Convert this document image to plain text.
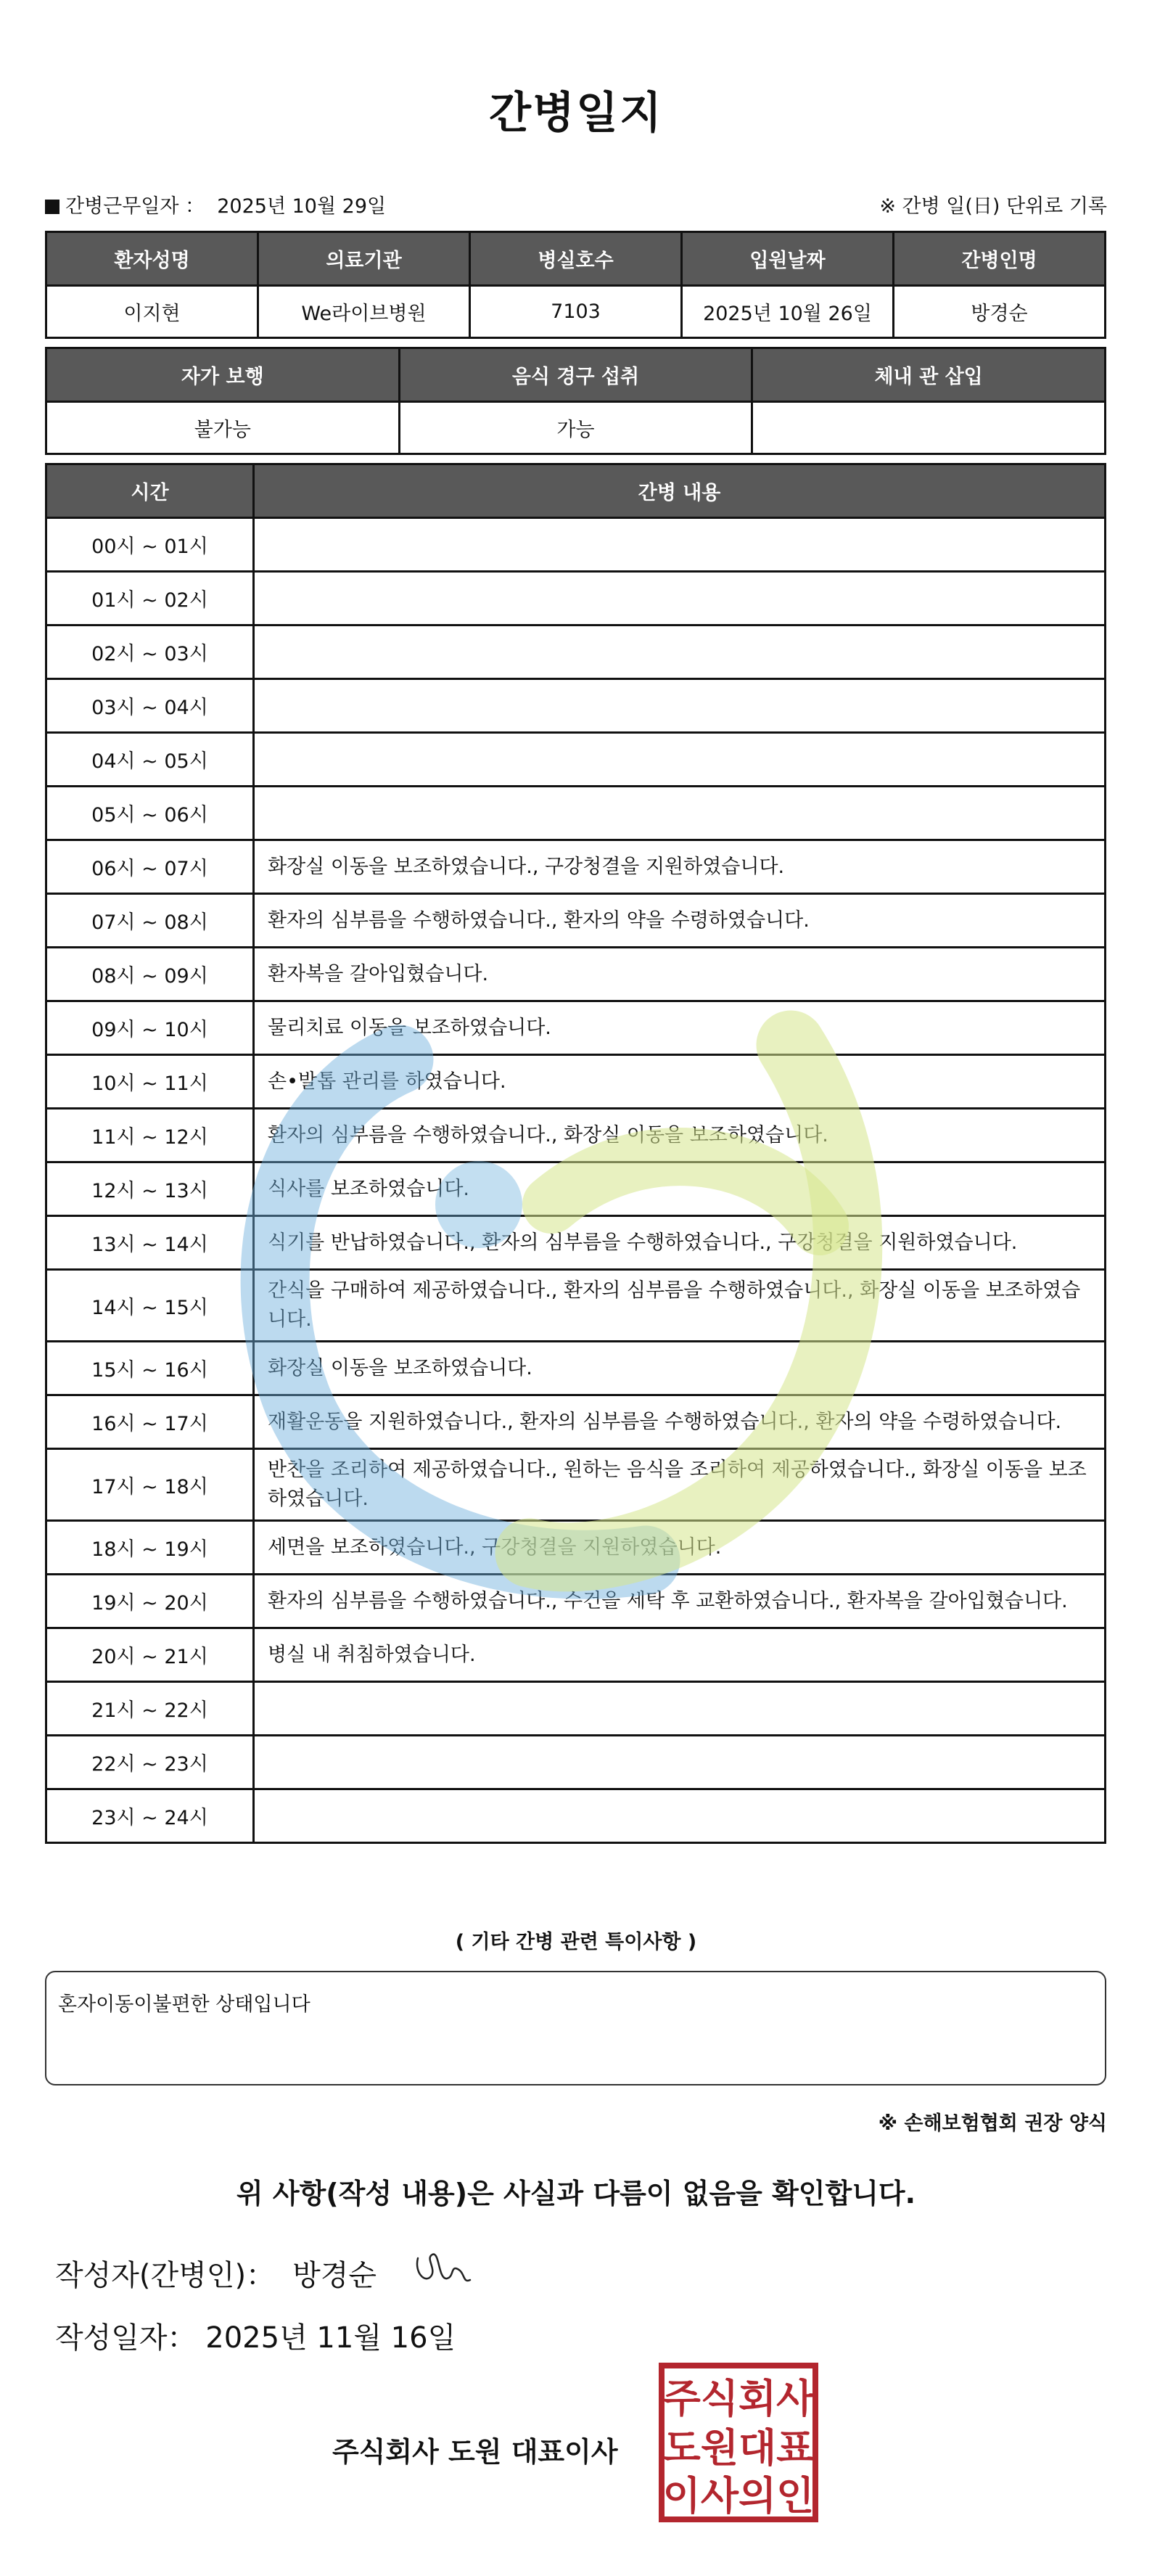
간병일지
간병근무일자 ： 2025년 10월 29일	※ 간병 일(日) 단위로 기록
환자성명	의료기관	병실호수	입원날짜	간병인명
이지현	We라이브병원	7103	2025년 10월 26일	방경순
자가 보행	음식 경구 섭취	체내 관 삽입
불가능	가능	
시간	간병 내용
00시 ~ 01시	
01시 ~ 02시	
02시 ~ 03시	
03시 ~ 04시	
04시 ~ 05시	
05시 ~ 06시	
06시 ~ 07시	화장실 이동을 보조하였습니다., 구강청결을 지원하였습니다.
07시 ~ 08시	환자의 심부름을 수행하였습니다., 환자의 약을 수령하였습니다.
08시 ~ 09시	환자복을 갈아입혔습니다.
09시 ~ 10시	물리치료 이동을 보조하였습니다.
10시 ~ 11시	손•발톱 관리를 하였습니다.
11시 ~ 12시	환자의 심부름을 수행하였습니다., 화장실 이동을 보조하였습니다.
12시 ~ 13시	식사를 보조하였습니다.
13시 ~ 14시	식기를 반납하였습니다., 환자의 심부름을 수행하였습니다., 구강청결을 지원하였습니다.
14시 ~ 15시	간식을 구매하여 제공하였습니다., 환자의 심부름을 수행하였습니다., 화장실 이동을 보조하였습니다.
15시 ~ 16시	화장실 이동을 보조하였습니다.
16시 ~ 17시	재활운동을 지원하였습니다., 환자의 심부름을 수행하였습니다., 환자의 약을 수령하였습니다.
17시 ~ 18시	반찬을 조리하여 제공하였습니다., 원하는 음식을 조리하여 제공하였습니다., 화장실 이동을 보조하였습니다.
18시 ~ 19시	세면을 보조하였습니다., 구강청결을 지원하였습니다.
19시 ~ 20시	환자의 심부름을 수행하였습니다., 수건을 세탁 후 교환하였습니다., 환자복을 갈아입혔습니다.
20시 ~ 21시	병실 내 취침하였습니다.
21시 ~ 22시	
22시 ~ 23시	
23시 ~ 24시	
( 기타 간병 관련 특이사항 )
혼자이동이불편한 상태입니다
※ 손해보험협회 권장 양식
위 사항(작성 내용)은 사실과 다름이 없음을 확인합니다.
작성자(간병인)： 방경순
작성일자： 2025년 11월 16일
주식회사 도원 대표이사
주식회사
도원대표
이사의인
